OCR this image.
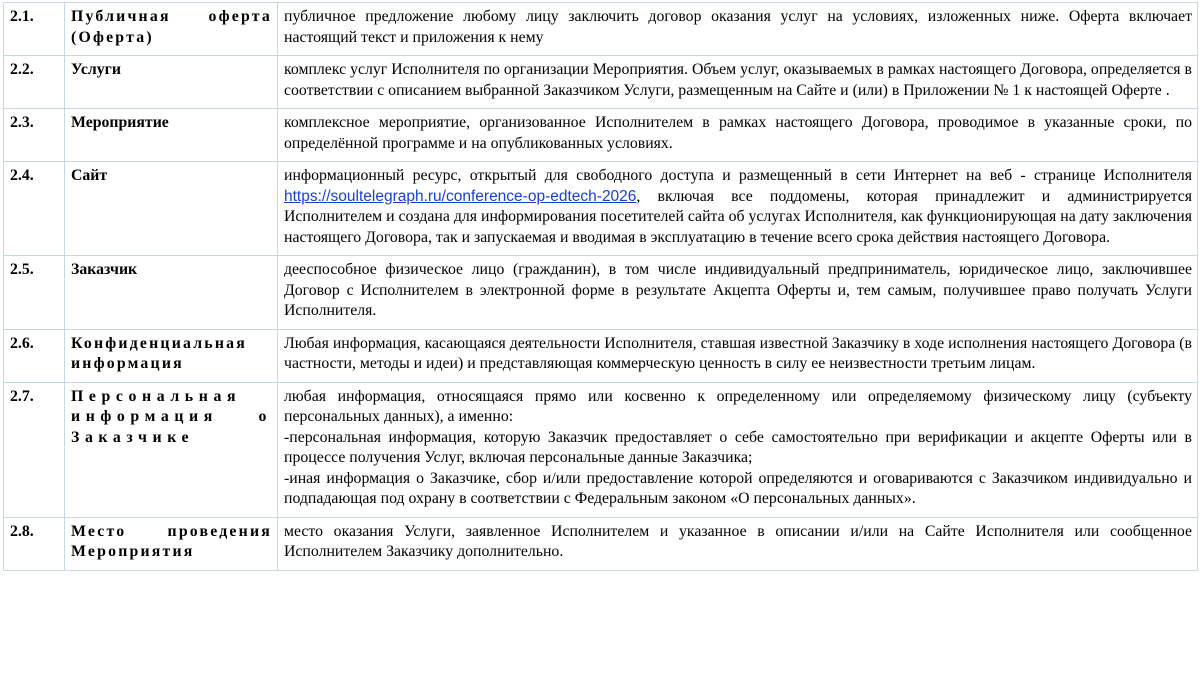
2.1.	Публичная оферта (Оферта)	публичное предложение любому лицу заключить договор оказания услуг на условиях, изложенных ниже. Оферта включает настоящий текст и приложения к нему
2.2.	Услуги	комплекс услуг Исполнителя по организации Мероприятия. Объем услуг, оказываемых в рамках настоящего Договора, определяется в соответствии с описанием выбранной Заказчиком Услуги, размещенным на Сайте и (или) в Приложении № 1 к настоящей Оферте .
2.3.	Мероприятие	комплексное мероприятие, организованное Исполнителем в рамках настоящего Договора, проводимое в указанные сроки, по определённой программе и на опубликованных условиях.
2.4.	Сайт	информационный ресурс, открытый для свободного доступа и размещенный в сети Интернет на веб - странице Исполнителя https://soultelegraph.ru/conference-op-edtech-2026, включая все поддомены, которая принадлежит и администрируется Исполнителем и создана для информирования посетителей сайта об услугах Исполнителя, как функционирующая на дату заключения настоящего Договора, так и запускаемая и вводимая в эксплуатацию в течение всего срока действия настоящего Договора.
2.5.	Заказчик	дееспособное физическое лицо (гражданин), в том числе индивидуальный предприниматель, юридическое лицо, заключившее Договор с Исполнителем в электронной форме в результате Акцепта Оферты и, тем самым, получившее право получать Услуги Исполнителя.
2.6.	Конфиденциальная информация	Любая информация, касающаяся деятельности Исполнителя, ставшая известной Заказчику в ходе исполнения настоящего Договора (в частности, методы и идеи) и представляющая коммерческую ценность в силу ее неизвестности третьим лицам.
2.7.	Персональная информация о Заказчике	любая информация, относящаяся прямо или косвенно к определенному или определяемому физическому лицу (субъекту персональных данных), а именно:
-персональная информация, которую Заказчик предоставляет о себе самостоятельно при верификации и акцепте Оферты или в процессе получения Услуг, включая персональные данные Заказчика;
-иная информация о Заказчике, сбор и/или предоставление которой определяются и оговариваются с Заказчиком индивидуально и подпадающая под охрану в соответствии с Федеральным законом «О персональных данных».

2.8.	Место проведения Мероприятия	место оказания Услуги, заявленное Исполнителем и указанное в описании и/или на Сайте Исполнителя или сообщенное Исполнителем Заказчику дополнительно.
